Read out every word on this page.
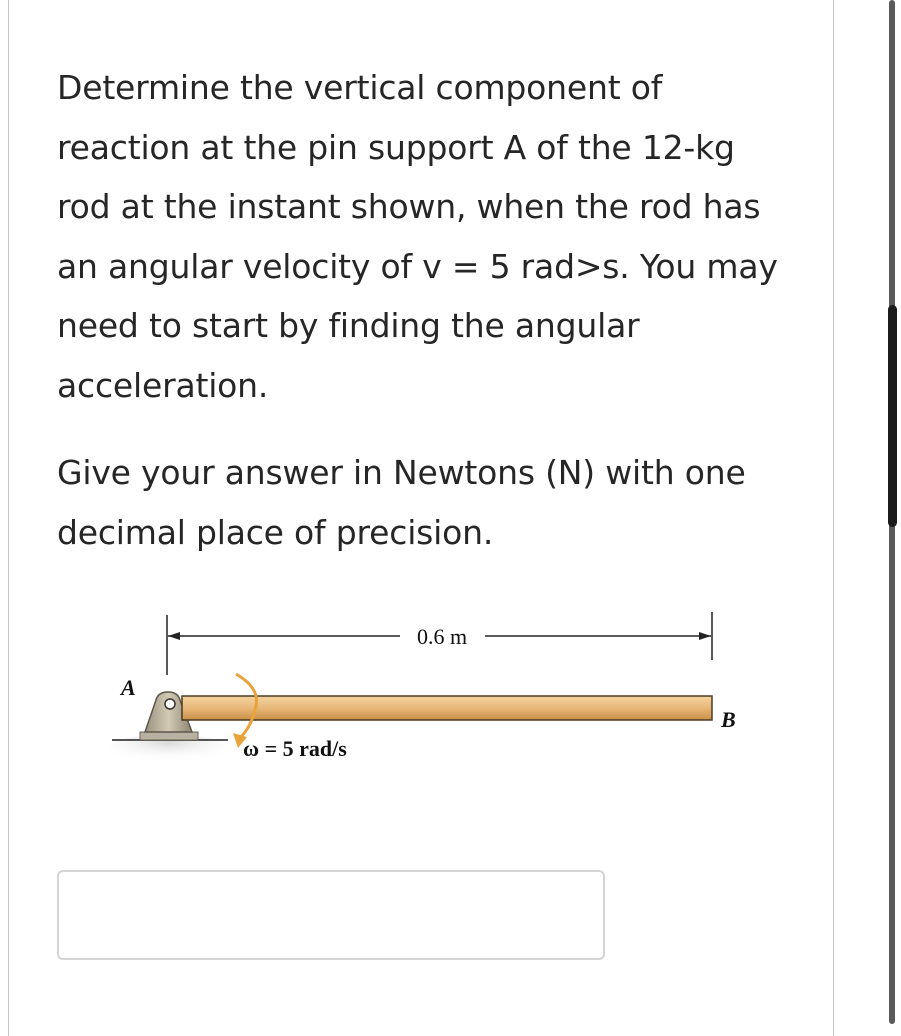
Determine the vertical component of reaction at the pin support A of the 12-kg rod at the instant shown, when the rod has an angular velocity of v = 5 rad>s. You may need to start by finding the angular acceleration.

Give your answer in Newtons (N) with one decimal place of precision.

0.6 m
A
B
ω = 5 rad/s
